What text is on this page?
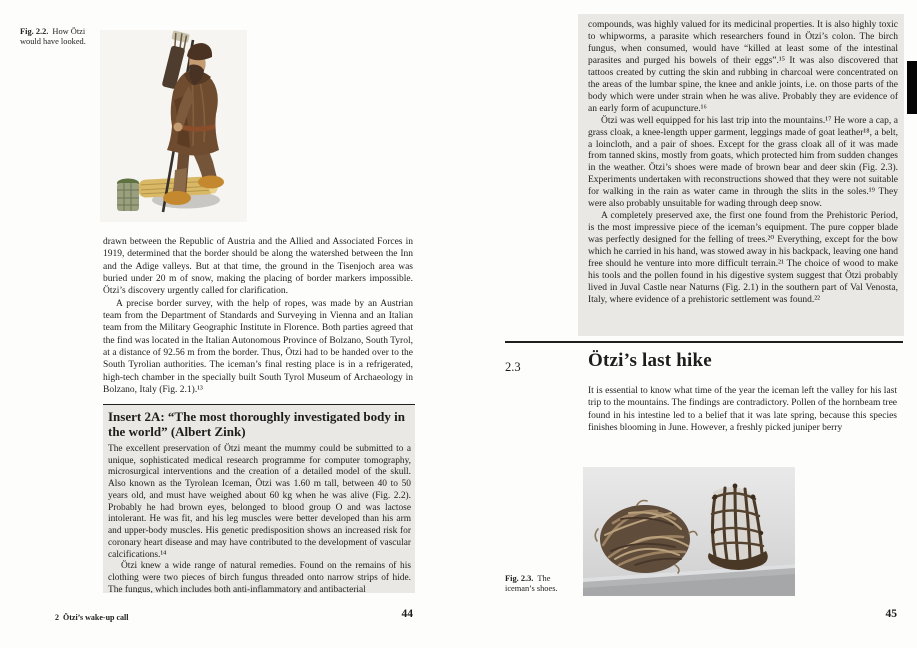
Fig. 2.2. How Ötzi would have looked.

drawn between the Republic of Austria and the Allied and Associated Forces in 1919, determined that the border should be along the watershed between the Inn and the Adige valleys. But at that time, the ground in the Tisenjoch area was buried under 20 m of snow, making the placing of border markers impossible. Ötzi’s discovery urgently called for clarification.

A precise border survey, with the help of ropes, was made by an Austrian team from the Department of Standards and Surveying in Vienna and an Italian team from the Military Geographic Institute in Florence. Both parties agreed that the find was located in the Italian Autonomous Province of Bolzano, South Tyrol, at a distance of 92.56 m from the border. Thus, Ötzi had to be handed over to the South Tyrolian authorities. The iceman’s final resting place is in a refrigerated, high-tech chamber in the specially built South Tyrol Museum of Archaeology in Bolzano, Italy (Fig. 2.1).¹³

Insert 2A: “The most thoroughly investigated body in the world” (Albert Zink)

The excellent preservation of Ötzi meant the mummy could be submitted to a unique, sophisticated medical research programme for computer tomography, microsurgical interventions and the creation of a detailed model of the skull. Also known as the Tyrolean Iceman, Ötzi was 1.60 m tall, between 40 to 50 years old, and must have weighed about 60 kg when he was alive (Fig. 2.2). Probably he had brown eyes, belonged to blood group O and was lactose intolerant. He was fit, and his leg muscles were better developed than his arm and upper-body muscles. His genetic predisposition shows an increased risk for coronary heart disease and may have contributed to the development of vascular calcifications.¹⁴

Ötzi knew a wide range of natural remedies. Found on the remains of his clothing were two pieces of birch fungus threaded onto narrow strips of hide. The fungus, which includes both anti-inflammatory and antibacterial

2  Ötzi’s wake-up call	44

compounds, was highly valued for its medicinal properties. It is also highly toxic to whipworms, a parasite which researchers found in Ötzi’s colon. The birch fungus, when consumed, would have “killed at least some of the intestinal parasites and purged his bowels of their eggs”.¹⁵ It was also discovered that tattoos created by cutting the skin and rubbing in charcoal were concentrated on the areas of the lumbar spine, the knee and ankle joints, i.e. on those parts of the body which were under strain when he was alive. Probably they are evidence of an early form of acupuncture.¹⁶

Ötzi was well equipped for his last trip into the mountains.¹⁷ He wore a cap, a grass cloak, a knee-length upper garment, leggings made of goat leather¹⁸, a belt, a loincloth, and a pair of shoes. Except for the grass cloak all of it was made from tanned skins, mostly from goats, which protected him from sudden changes in the weather. Ötzi’s shoes were made of brown bear and deer skin (Fig. 2.3). Experiments undertaken with reconstructions showed that they were not suitable for walking in the rain as water came in through the slits in the soles.¹⁹ They were also probably unsuitable for wading through deep snow.

A completely preserved axe, the first one found from the Prehistoric Period, is the most impressive piece of the iceman’s equipment. The pure copper blade was perfectly designed for the felling of trees.²⁰ Everything, except for the bow which he carried in his hand, was stowed away in his backpack, leaving one hand free should he venture into more difficult terrain.²¹ The choice of wood to make his tools and the pollen found in his digestive system suggest that Ötzi probably lived in Juval Castle near Naturns (Fig. 2.1) in the southern part of Val Venosta, Italy, where evidence of a prehistoric settlement was found.²²

2.3	Ötzi’s last hike
It is essential to know what time of the year the iceman left the valley for his last trip to the mountains. The findings are contradictory. Pollen of the hornbeam tree found in his intestine led to a belief that it was late spring, because this species finishes blooming in June. However, a freshly picked juniper berry
Fig. 2.3. The iceman’s shoes.
45
